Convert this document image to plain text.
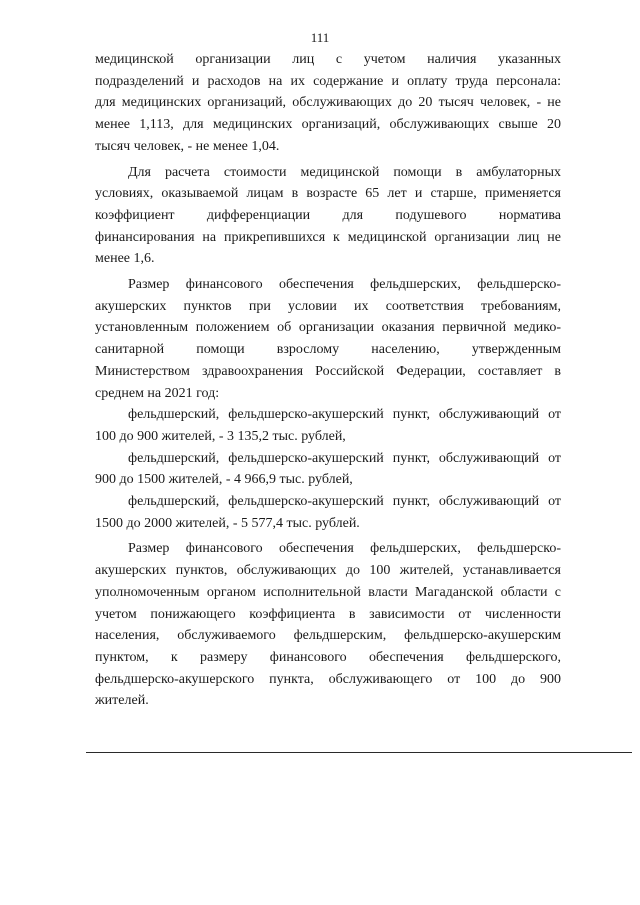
111
медицинской организации лиц с учетом наличия указанных
подразделений и расходов на их содержание и оплату труда персонала:
для медицинских организаций, обслуживающих до 20 тысяч человек, - не
менее 1,113, для медицинских организаций, обслуживающих свыше 20
тысяч человек, - не менее 1,04.
Для расчета стоимости медицинской помощи в амбулаторных
условиях, оказываемой лицам в возрасте 65 лет и старше, применяется
коэффициент дифференциации для подушевого норматива
финансирования на прикрепившихся к медицинской организации лиц не
менее 1,6.
Размер финансового обеспечения фельдшерских, фельдшерско-
акушерских пунктов при условии их соответствия требованиям,
установленным положением об организации оказания первичной медико-
санитарной помощи взрослому населению, утвержденным
Министерством здравоохранения Российской Федерации, составляет в
среднем на 2021 год:
фельдшерский, фельдшерско-акушерский пункт, обслуживающий от
100 до 900 жителей, - 3 135,2 тыс. рублей,
фельдшерский, фельдшерско-акушерский пункт, обслуживающий от
900 до 1500 жителей, - 4 966,9 тыс. рублей,
фельдшерский, фельдшерско-акушерский пункт, обслуживающий от
1500 до 2000 жителей, - 5 577,4 тыс. рублей.
Размер финансового обеспечения фельдшерских, фельдшерско-
акушерских пунктов, обслуживающих до 100 жителей, устанавливается
уполномоченным органом исполнительной власти Магаданской области с
учетом понижающего коэффициента в зависимости от численности
населения, обслуживаемого фельдшерским, фельдшерско-акушерским
пунктом, к размеру финансового обеспечения фельдшерского,
фельдшерско-акушерского пункта, обслуживающего от 100 до 900
жителей.
